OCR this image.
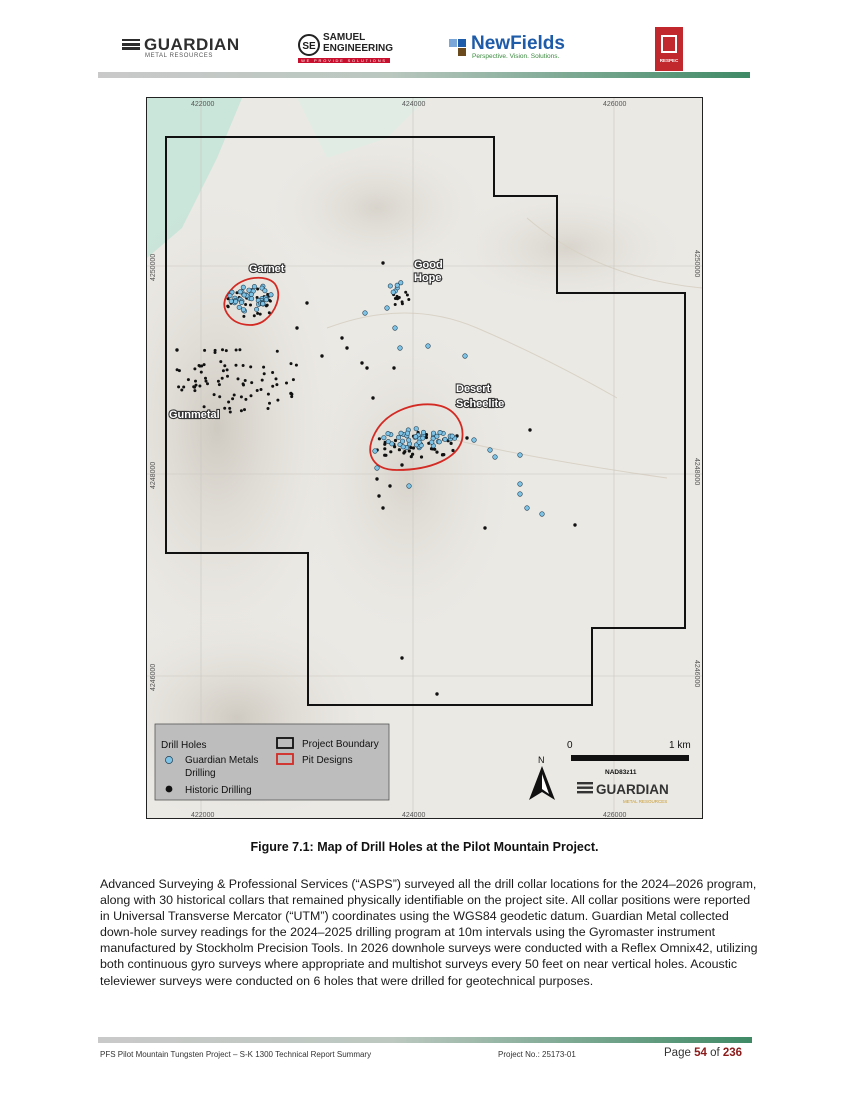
GUARDIAN
METAL RESOURCES
SE
SAMUEL
ENGINEERING
WE PROVIDE SOLUTIONS
NewFields
Perspective. Vision. Solutions.
RESPEC
Garnet	Good
Hope
Desert
Scheelite
Gunmetal
422000	424000	426000
422000	424000	426000
4250000
4248000
4246000
4250000
4248000
4246000
Drill Holes
Guardian Metals
Drilling
Historic Drilling
Project Boundary
Pit Designs
0	1 km
NAD83z11
N
GUARDIAN
METAL RESOURCES
Figure 7.1: Map of Drill Holes at the Pilot Mountain Project.
Advanced Surveying & Professional Services (“ASPS”) surveyed all the drill collar locations for the 2024–2026 program, along with 30 historical collars that remained physically identifiable on the project site. All collar positions were reported in Universal Transverse Mercator (“UTM”) coordinates using the WGS84 geodetic datum. Guardian Metal collected down-hole survey readings for the 2024–2025 drilling program at 10m intervals using the Gyromaster instrument manufactured by Stockholm Precision Tools. In 2026 downhole surveys were conducted with a Reflex Omnix42, utilizing both continuous gyro surveys where appropriate and multishot surveys every 50 feet on near vertical holes. Acoustic televiewer surveys were conducted on 6 holes that were drilled for geotechnical purposes.
PFS Pilot Mountain Tungsten Project – S-K 1300 Technical Report Summary	Project No.: 25173-01	Page 54 of 236
